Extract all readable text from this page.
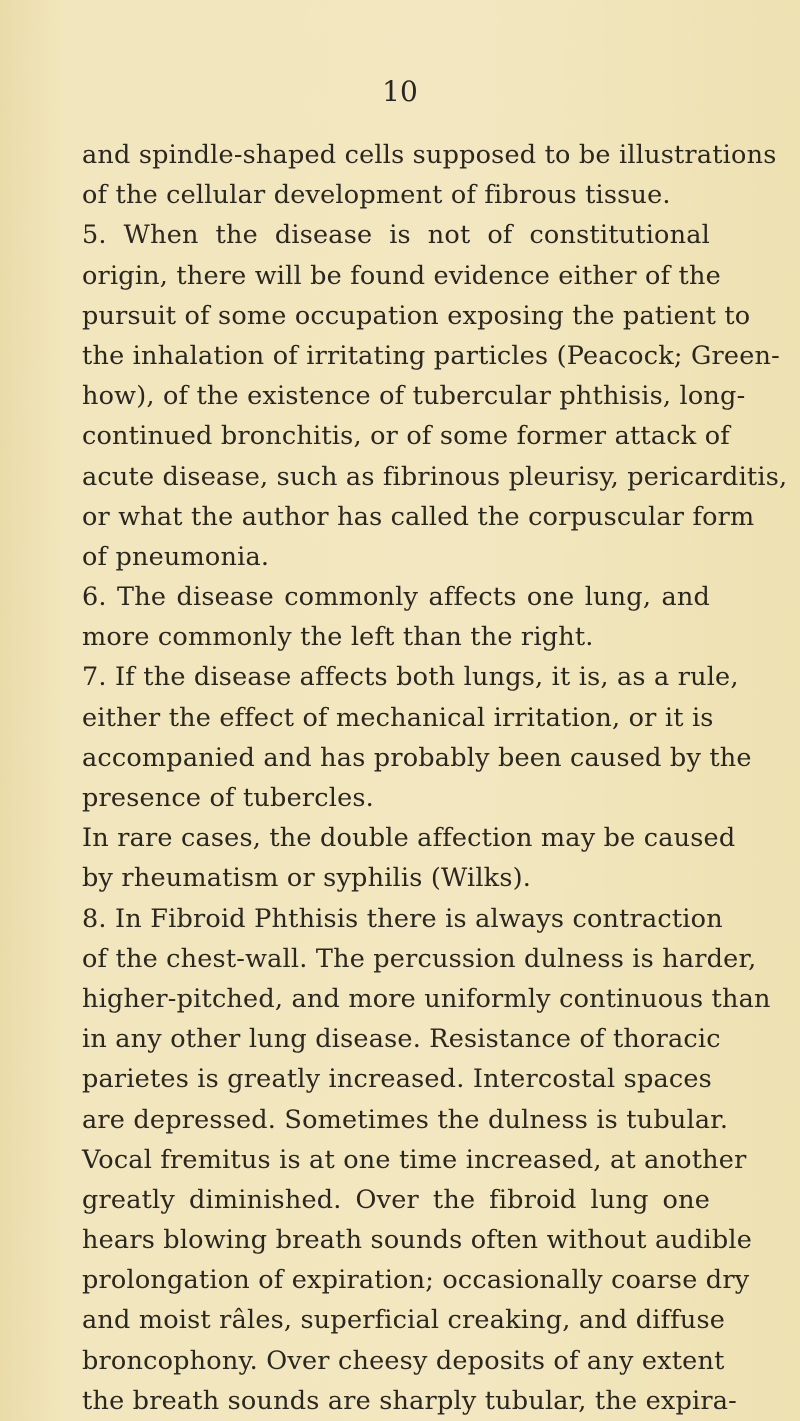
10
and spindle-shaped cells supposed to be illustrations
of the cellular development of fibrous tissue.
5. When the disease is not of constitutional
origin, there will be found evidence either of the
pursuit of some occupation exposing the patient to
the inhalation of irritating particles (Peacock; Green-
how), of the existence of tubercular phthisis, long-
continued bronchitis, or of some former attack of
acute disease, such as fibrinous pleurisy, pericarditis,
or what the author has called the corpuscular form
of pneumonia.
6. The disease commonly affects one lung, and
more commonly the left than the right.
7. If the disease affects both lungs, it is, as a rule,
either the effect of mechanical irritation, or it is
accompanied and has probably been caused by the
presence of tubercles.
In rare cases, the double affection may be caused
by rheumatism or syphilis (Wilks).
8. In Fibroid Phthisis there is always contraction
of the chest-wall. The percussion dulness is harder,
higher-pitched, and more uniformly continuous than
in any other lung disease. Resistance of thoracic
parietes is greatly increased. Intercostal spaces
are depressed. Sometimes the dulness is tubular.
Vocal fremitus is at one time increased, at another
greatly diminished. Over the fibroid lung one
hears blowing breath sounds often without audible
prolongation of expiration; occasionally coarse dry
and moist râles, superficial creaking, and diffuse
broncophony. Over cheesy deposits of any extent
the breath sounds are sharply tubular, the expira-
